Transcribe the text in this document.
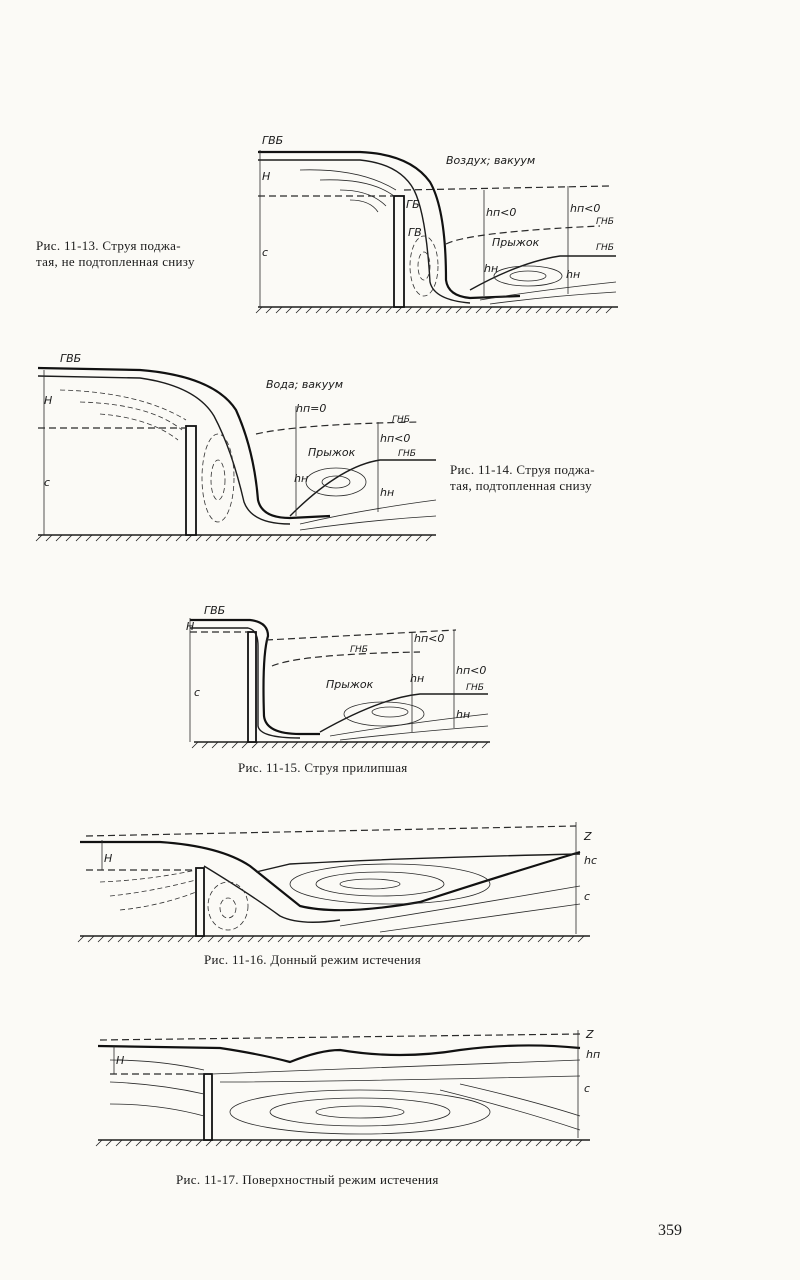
Рис. 11-13. Струя поджа-
тая, не подтопленная снизу
ГВБ
H
c
Воздух; вакуум
ГБ
ГВ
hп<0	hп<0
Прыжок
ГНБ
ГНБ
hн	hн
Рис. 11-14. Струя поджа-
тая, подтопленная снизу
ГВБ
H
c
Вода; вакуум
hп=0
ГНБ
hп<0
ГНБ
Прыжок
hн
hн
ГВБ
H
c
ГНБ
hп<0
hп<0
ГНБ
Прыжок	hн
hн
Рис. 11-15. Струя прилипшая
Z
H	hс
c
Рис. 11-16. Донный режим истечения
Z
H	hп
c
Рис. 11-17. Поверхностный режим истечения
359
